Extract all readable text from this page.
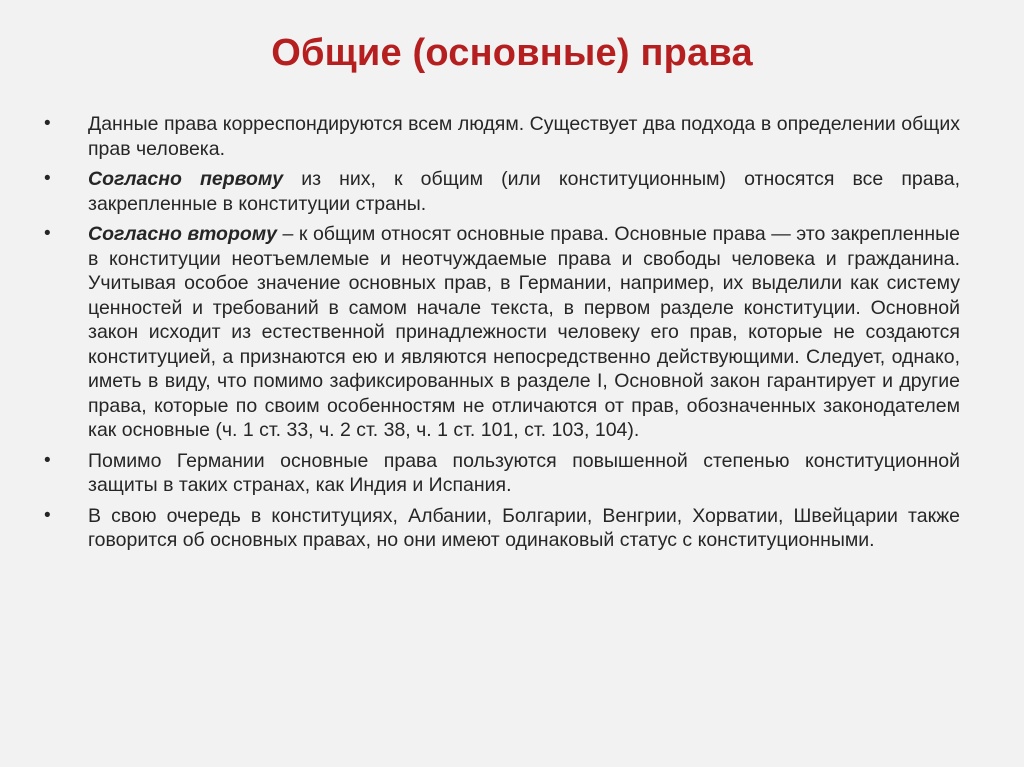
Общие (основные) права
• Данные права корреспондируются всем людям. Существует два подхода в определении общих прав человека.
• Согласно первому из них, к общим (или конституционным) относятся все права, закрепленные в конституции страны.
• Согласно второму – к общим относят основные права. Основные права — это закрепленные в конституции неотъемлемые и неотчуждаемые права и свободы человека и гражданина. Учитывая особое значение основных прав, в Германии, например, их выделили как систему ценностей и требований в самом начале текста, в первом разделе конституции. Основной закон исходит из естественной принадлежности человеку его прав, которые не создаются конституцией, а признаются ею и являются непосредственно действующими. Следует, однако, иметь в виду, что помимо зафиксированных в разделе I, Основной закон гарантирует и другие права, которые по своим особенностям не отличаются от прав, обозначенных законодателем как основные (ч. 1 ст. 33, ч. 2 ст. 38, ч. 1 ст. 101, ст. 103, 104).
• Помимо Германии основные права пользуются повышенной степенью конституционной защиты в таких странах, как Индия и Испания.
• В свою очередь в конституциях, Албании, Болгарии, Венгрии, Хорватии, Швейцарии также говорится об основных правах, но они имеют одинаковый статус с конституционными.
